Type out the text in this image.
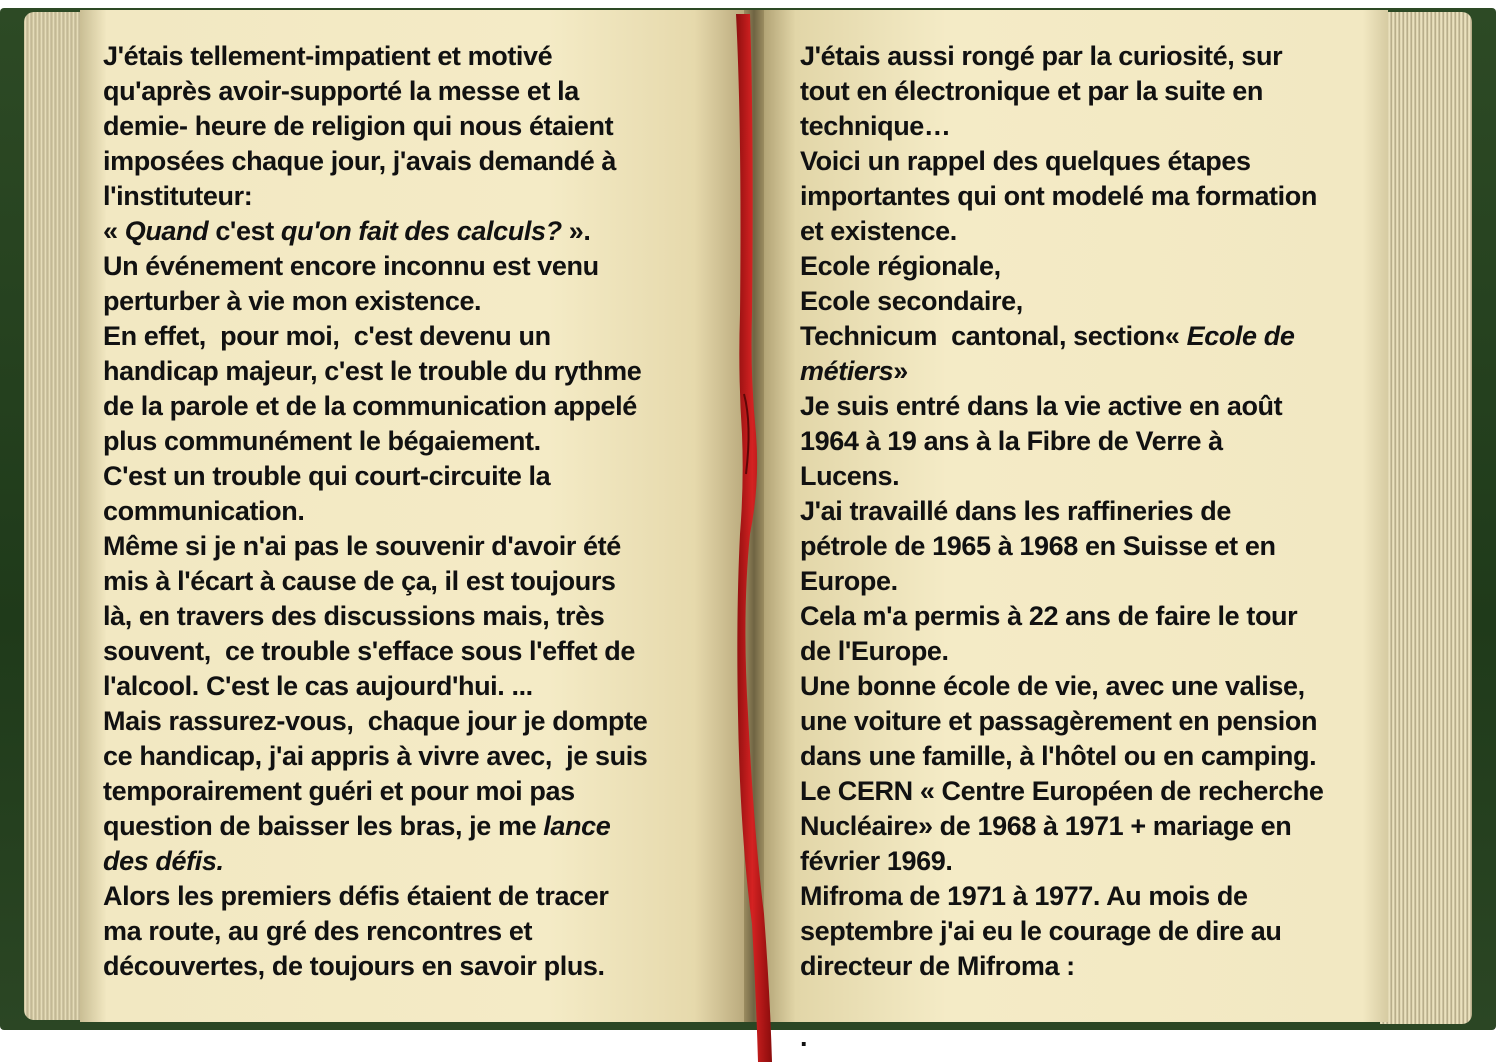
J'étais tellement-impatient et motivé
qu'après avoir-supporté la messe et la
demie- heure de religion qui nous étaient
imposées chaque jour, j'avais demandé à
l'instituteur:
« Quand c'est qu'on fait des calculs? ».
Un événement encore inconnu est venu
perturber à vie mon existence.
En effet,  pour moi,  c'est devenu un
handicap majeur, c'est le trouble du rythme
de la parole et de la communication appelé
plus communément le bégaiement.
C'est un trouble qui court-circuite la
communication.
Même si je n'ai pas le souvenir d'avoir été
mis à l'écart à cause de ça, il est toujours
là, en travers des discussions mais, très
souvent,  ce trouble s'efface sous l'effet de
l'alcool. C'est le cas aujourd'hui. ...
Mais rassurez-vous,  chaque jour je dompte
ce handicap, j'ai appris à vivre avec,  je suis
temporairement guéri et pour moi pas
question de baisser les bras, je me lance
des défis.
Alors les premiers défis étaient de tracer
ma route, au gré des rencontres et
découvertes, de toujours en savoir plus.
J'étais aussi rongé par la curiosité, sur
tout en électronique et par la suite en
technique…
Voici un rappel des quelques étapes
importantes qui ont modelé ma formation
et existence.
Ecole régionale,
Ecole secondaire,
Technicum  cantonal, section« Ecole de
métiers»
Je suis entré dans la vie active en août
1964 à 19 ans à la Fibre de Verre à
Lucens.
J'ai travaillé dans les raffineries de
pétrole de 1965 à 1968 en Suisse et en
Europe.
Cela m'a permis à 22 ans de faire le tour
de l'Europe.
Une bonne école de vie, avec une valise,
une voiture et passagèrement en pension
dans une famille, à l'hôtel ou en camping.
Le CERN « Centre Européen de recherche
Nucléaire» de 1968 à 1971 + mariage en
février 1969.
Mifroma de 1971 à 1977. Au mois de
septembre j'ai eu le courage de dire au
directeur de Mifroma :
.
